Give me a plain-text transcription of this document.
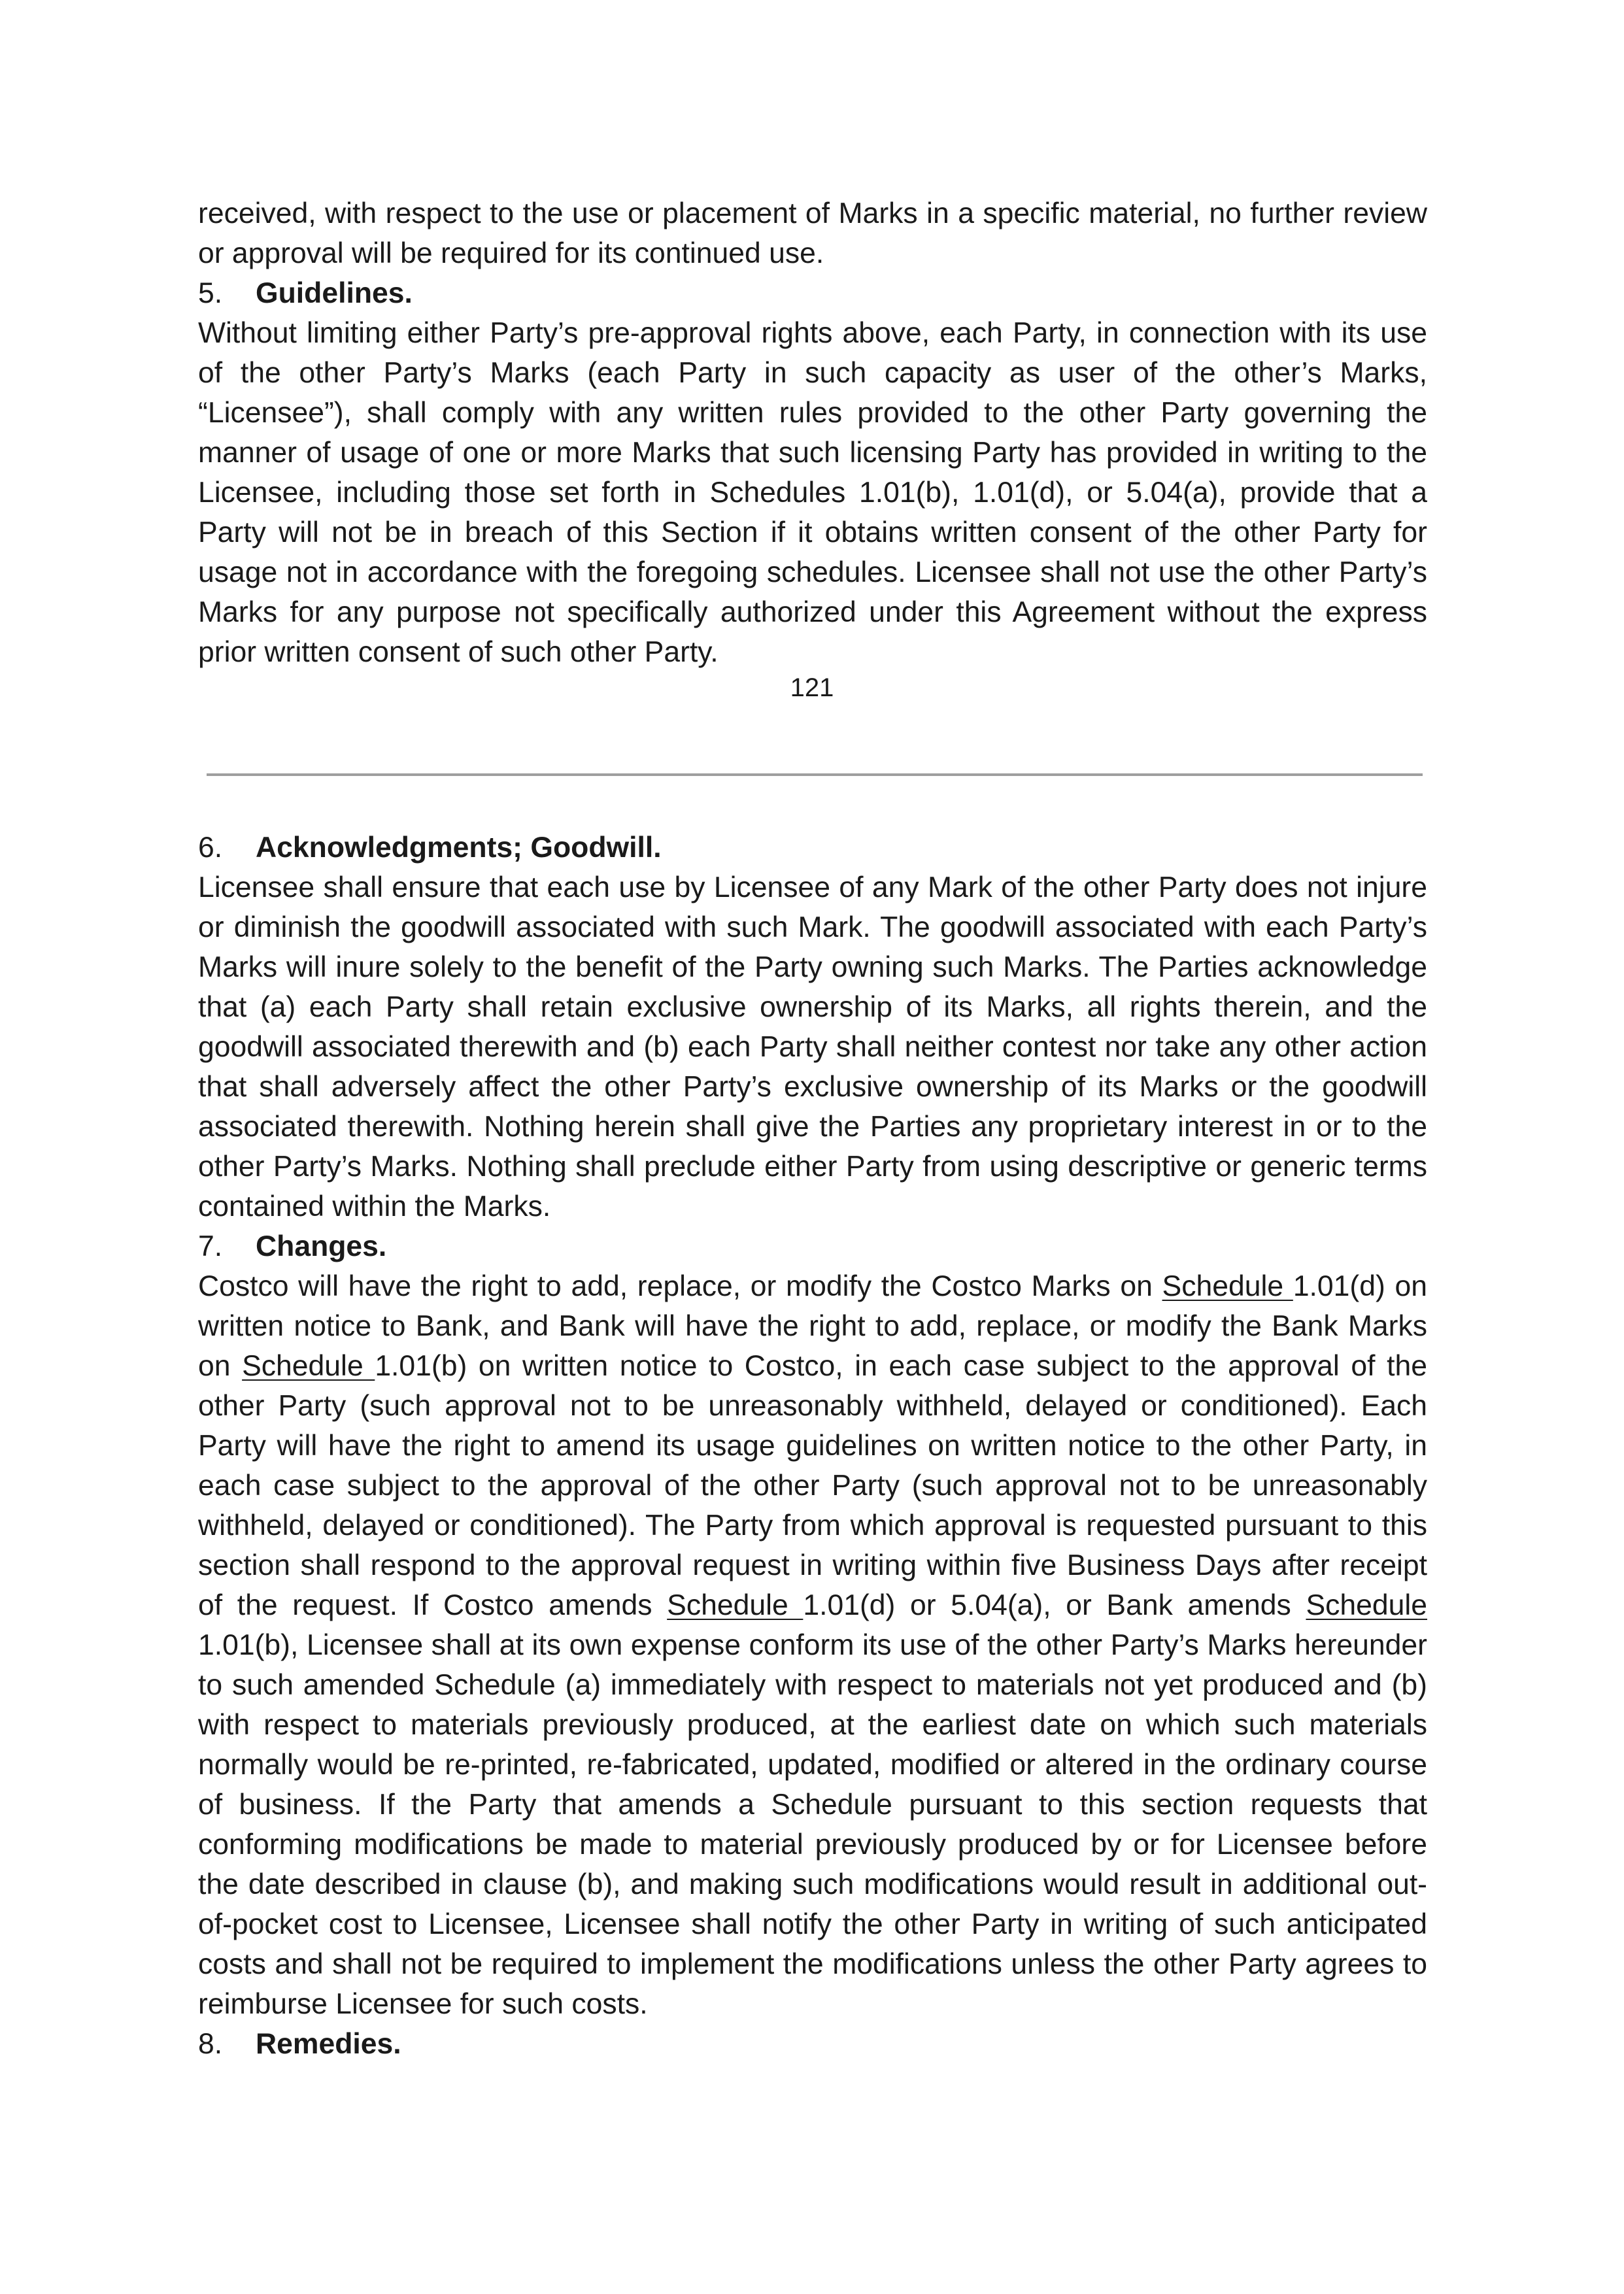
received, with respect to the use or placement of Marks in a specific material, no further review or approval will be required for its continued use.

5. Guidelines.

Without limiting either Party’s pre-approval rights above, each Party, in connection with its use of the other Party’s Marks (each Party in such capacity as user of the other’s Marks, “Licensee”), shall comply with any written rules provided to the other Party governing the manner of usage of one or more Marks that such licensing Party has provided in writing to the Licensee, including those set forth in Schedules 1.01(b), 1.01(d), or 5.04(a), provide that a Party will not be in breach of this Section if it obtains written consent of the other Party for usage not in accordance with the foregoing schedules. Licensee shall not use the other Party’s Marks for any purpose not specifically authorized under this Agreement without the express prior written consent of such other Party.

121

6. Acknowledgments; Goodwill.

Licensee shall ensure that each use by Licensee of any Mark of the other Party does not injure or diminish the goodwill associated with such Mark. The goodwill associated with each Party’s Marks will inure solely to the benefit of the Party owning such Marks. The Parties acknowledge that (a) each Party shall retain exclusive ownership of its Marks, all rights therein, and the goodwill associated therewith and (b) each Party shall neither contest nor take any other action that shall adversely affect the other Party’s exclusive ownership of its Marks or the goodwill associated therewith. Nothing herein shall give the Parties any proprietary interest in or to the other Party’s Marks. Nothing shall preclude either Party from using descriptive or generic terms contained within the Marks.

7. Changes.

Costco will have the right to add, replace, or modify the Costco Marks on Schedule 1.01(d) on written notice to Bank, and Bank will have the right to add, replace, or modify the Bank Marks on Schedule 1.01(b) on written notice to Costco, in each case subject to the approval of the other Party (such approval not to be unreasonably withheld, delayed or conditioned). Each Party will have the right to amend its usage guidelines on written notice to the other Party, in each case subject to the approval of the other Party (such approval not to be unreasonably withheld, delayed or conditioned). The Party from which approval is requested pursuant to this section shall respond to the approval request in writing within five Business Days after receipt of the request. If Costco amends Schedule 1.01(d) or 5.04(a), or Bank amends Schedule 1.01(b), Licensee shall at its own expense conform its use of the other Party’s Marks hereunder to such amended Schedule (a) immediately with respect to materials not yet produced and (b) with respect to materials previously produced, at the earliest date on which such materials normally would be re-printed, re-fabricated, updated, modified or altered in the ordinary course of business. If the Party that amends a Schedule pursuant to this section requests that conforming modifications be made to material previously produced by or for Licensee before the date described in clause (b), and making such modifications would result in additional out-of-pocket cost to Licensee, Licensee shall notify the other Party in writing of such anticipated costs and shall not be required to implement the modifications unless the other Party agrees to reimburse Licensee for such costs.

8. Remedies.
